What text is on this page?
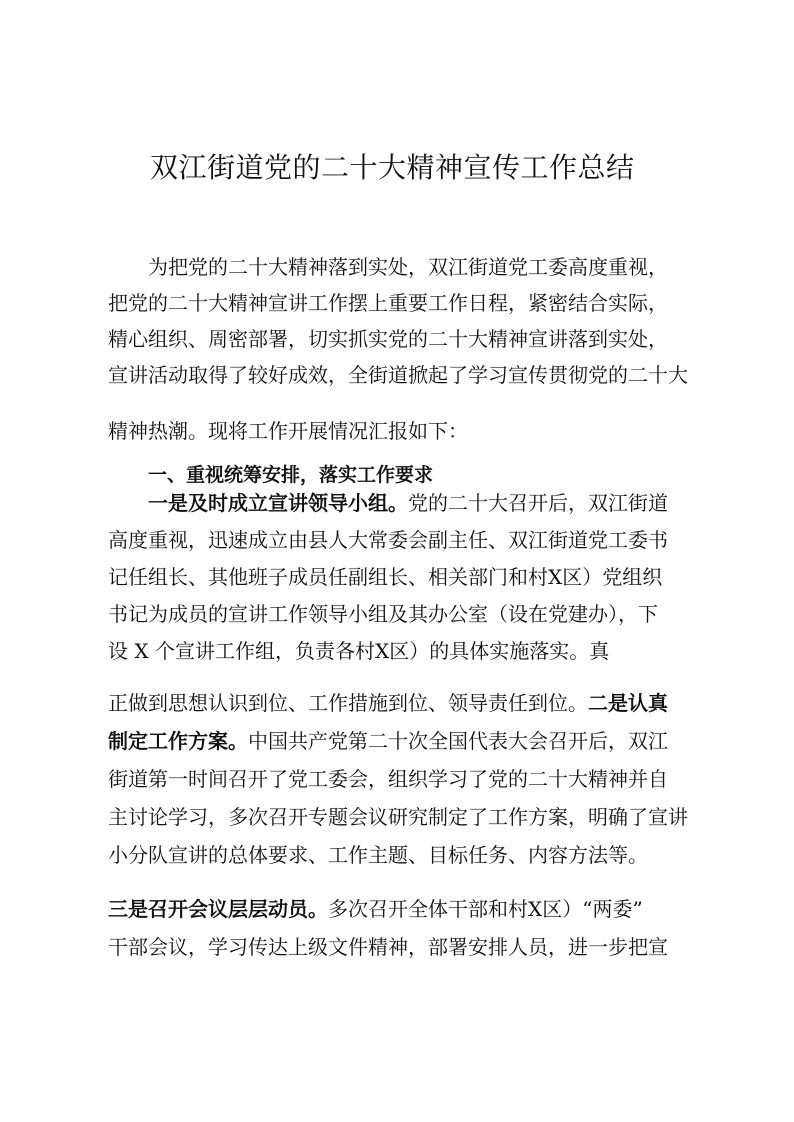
双江街道党的二十大精神宣传工作总结
为把党的二十大精神落到实处，双江街道党工委高度重视，
把党的二十大精神宣讲工作摆上重要工作日程，紧密结合实际，
精心组织、周密部署，切实抓实党的二十大精神宣讲落到实处，
宣讲活动取得了较好成效，全街道掀起了学习宣传贯彻党的二十大
精神热潮。现将工作开展情况汇报如下：
一、重视统筹安排，落实工作要求
一是及时成立宣讲领导小组。党的二十大召开后，双江街道
高度重视，迅速成立由县人大常委会副主任、双江街道党工委书
记任组长、其他班子成员任副组长、相关部门和村X区）党组织
书记为成员的宣讲工作领导小组及其办公室（设在党建办），下
设 X 个宣讲工作组，负责各村X区）的具体实施落实。真
正做到思想认识到位、工作措施到位、领导责任到位。二是认真
制定工作方案。中国共产党第二十次全国代表大会召开后，双江
街道第一时间召开了党工委会，组织学习了党的二十大精神并自
主讨论学习，多次召开专题会议研究制定了工作方案，明确了宣讲
小分队宣讲的总体要求、工作主题、目标任务、内容方法等。
三是召开会议层层动员。多次召开全体干部和村X区）“两委”
干部会议，学习传达上级文件精神，部署安排人员，进一步把宣
